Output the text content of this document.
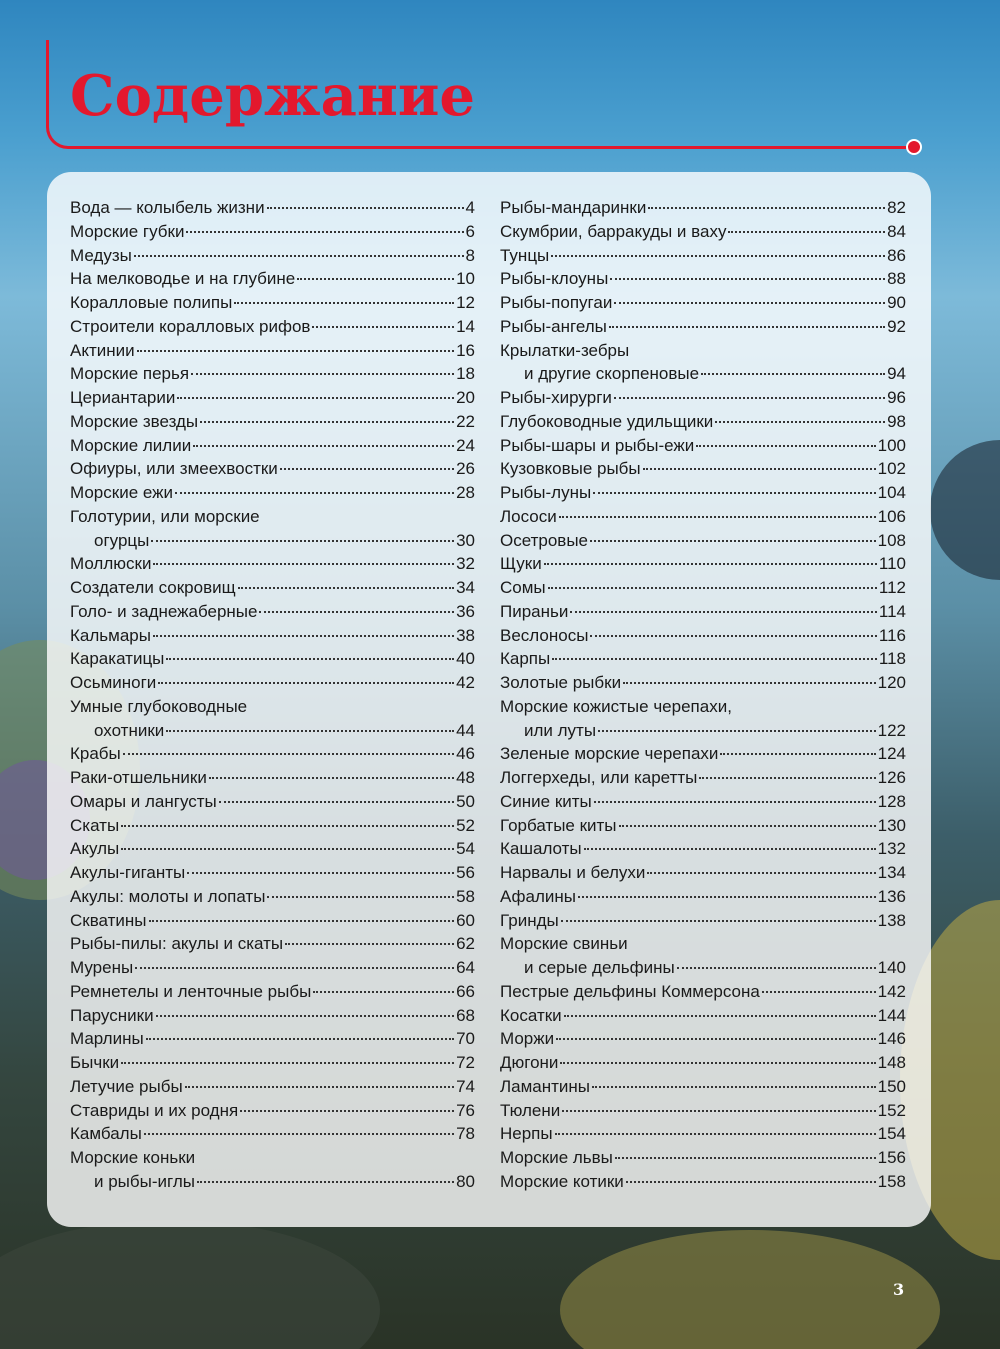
Содержание
Вода — колыбель жизни	4
Морские губки	6
Медузы	8
На мелководье и на глубине	10
Коралловые полипы	12
Строители коралловых рифов	14
Актинии	16
Морские перья	18
Цериантарии	20
Морские звезды	22
Морские лилии	24
Офиуры, или змеехвостки	26
Морские ежи	28
Голотурии, или морские
огурцы	30
Моллюски	32
Создатели сокровищ	34
Голо- и заднежаберные	36
Кальмары	38
Каракатицы	40
Осьминоги	42
Умные глубоководные
охотники	44
Крабы	46
Раки-отшельники	48
Омары и лангусты	50
Скаты	52
Акулы	54
Акулы-гиганты	56
Акулы: молоты и лопаты	58
Скватины	60
Рыбы-пилы: акулы и скаты	62
Мурены	64
Ремнетелы и ленточные рыбы	66
Парусники	68
Марлины	70
Бычки	72
Летучие рыбы	74
Ставриды и их родня	76
Камбалы	78
Морские коньки
и рыбы-иглы	80
Рыбы-мандаринки	82
Скумбрии, барракуды и ваху	84
Тунцы	86
Рыбы-клоуны	88
Рыбы-попугаи	90
Рыбы-ангелы	92
Крылатки-зебры
и другие скорпеновые	94
Рыбы-хирурги	96
Глубоководные удильщики	98
Рыбы-шары и рыбы-ежи	100
Кузовковые рыбы	102
Рыбы-луны	104
Лососи	106
Осетровые	108
Щуки	110
Сомы	112
Пираньи	114
Веслоносы	116
Карпы	118
Золотые рыбки	120
Морские кожистые черепахи,
или луты	122
Зеленые морские черепахи	124
Логгерхеды, или каретты	126
Синие киты	128
Горбатые киты	130
Кашалоты	132
Нарвалы и белухи	134
Афалины	136
Гринды	138
Морские свиньи
и серые дельфины	140
Пестрые дельфины Коммерсона	142
Косатки	144
Моржи	146
Дюгони	148
Ламантины	150
Тюлени	152
Нерпы	154
Морские львы	156
Морские котики	158

3
